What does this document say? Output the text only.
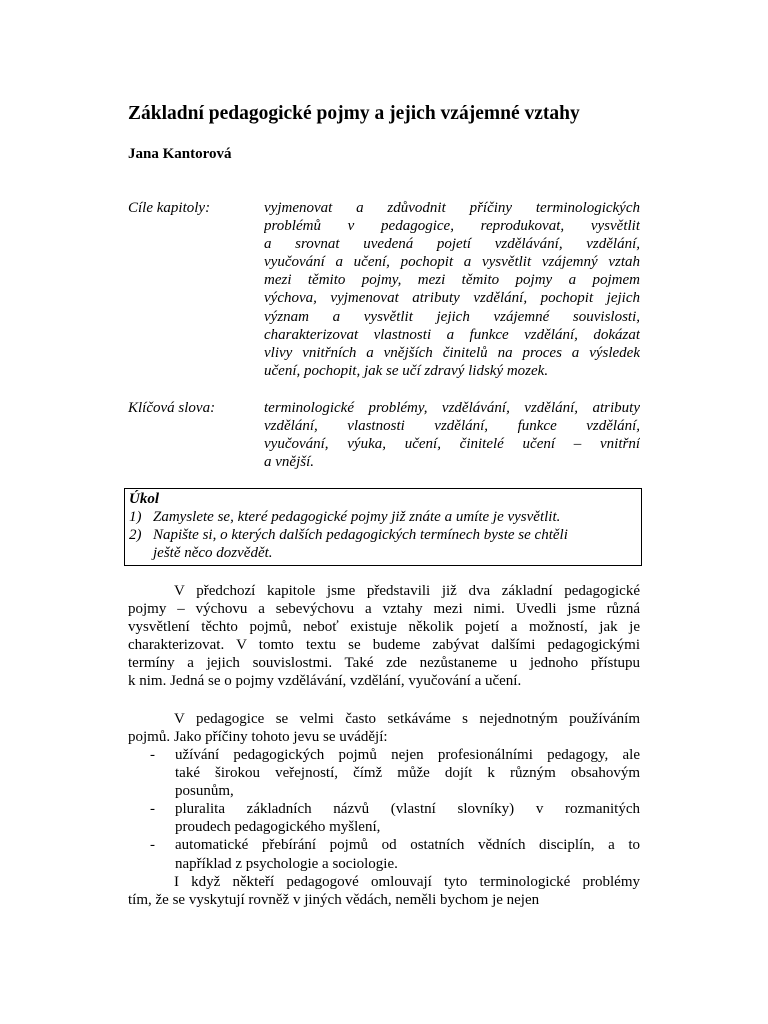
Základní pedagogické pojmy a jejich vzájemné vztahy
Jana Kantorová
Cíle kapitoly:	vyjmenovat a zdůvodnit příčiny terminologických
problémů v pedagogice, reprodukovat, vysvětlit
a srovnat uvedená pojetí vzdělávání, vzdělání,
vyučování a učení, pochopit a vysvětlit vzájemný vztah
mezi těmito pojmy, mezi těmito pojmy a pojmem
výchova, vyjmenovat atributy vzdělání, pochopit jejich
význam a vysvětlit jejich vzájemné souvislosti,
charakterizovat vlastnosti a funkce vzdělání, dokázat
vlivy vnitřních a vnějších činitelů na proces a výsledek
učení, pochopit, jak se učí zdravý lidský mozek.
Klíčová slova:	terminologické problémy, vzdělávání, vzdělání, atributy
vzdělání, vlastnosti vzdělání, funkce vzdělání,
vyučování, výuka, učení, činitelé učení – vnitřní
a vnější.
Úkol
1) Zamyslete se, které pedagogické pojmy již znáte a umíte je vysvětlit.
2) Napište si, o kterých dalších pedagogických termínech byste se chtěli
ještě něco dozvědět.
V předchozí kapitole jsme představili již dva základní pedagogické
pojmy – výchovu a sebevýchovu a vztahy mezi nimi. Uvedli jsme různá
vysvětlení těchto pojmů, neboť existuje několik pojetí a možností, jak je
charakterizovat. V tomto textu se budeme zabývat dalšími pedagogickými
termíny a jejich souvislostmi. Také zde nezůstaneme u jednoho přístupu
k nim. Jedná se o pojmy vzdělávání, vzdělání, vyučování a učení.
V pedagogice se velmi často setkáváme s nejednotným používáním
pojmů. Jako příčiny tohoto jevu se uvádějí:
- užívání pedagogických pojmů nejen profesionálními pedagogy, ale
také širokou veřejností, čímž může dojít k různým obsahovým
posunům,
- pluralita základních názvů (vlastní slovníky) v rozmanitých
proudech pedagogického myšlení,
- automatické přebírání pojmů od ostatních vědních disciplín, a to
například z psychologie a sociologie.
I když někteří pedagogové omlouvají tyto terminologické problémy
tím, že se vyskytují rovněž v jiných vědách, neměli bychom je nejen
